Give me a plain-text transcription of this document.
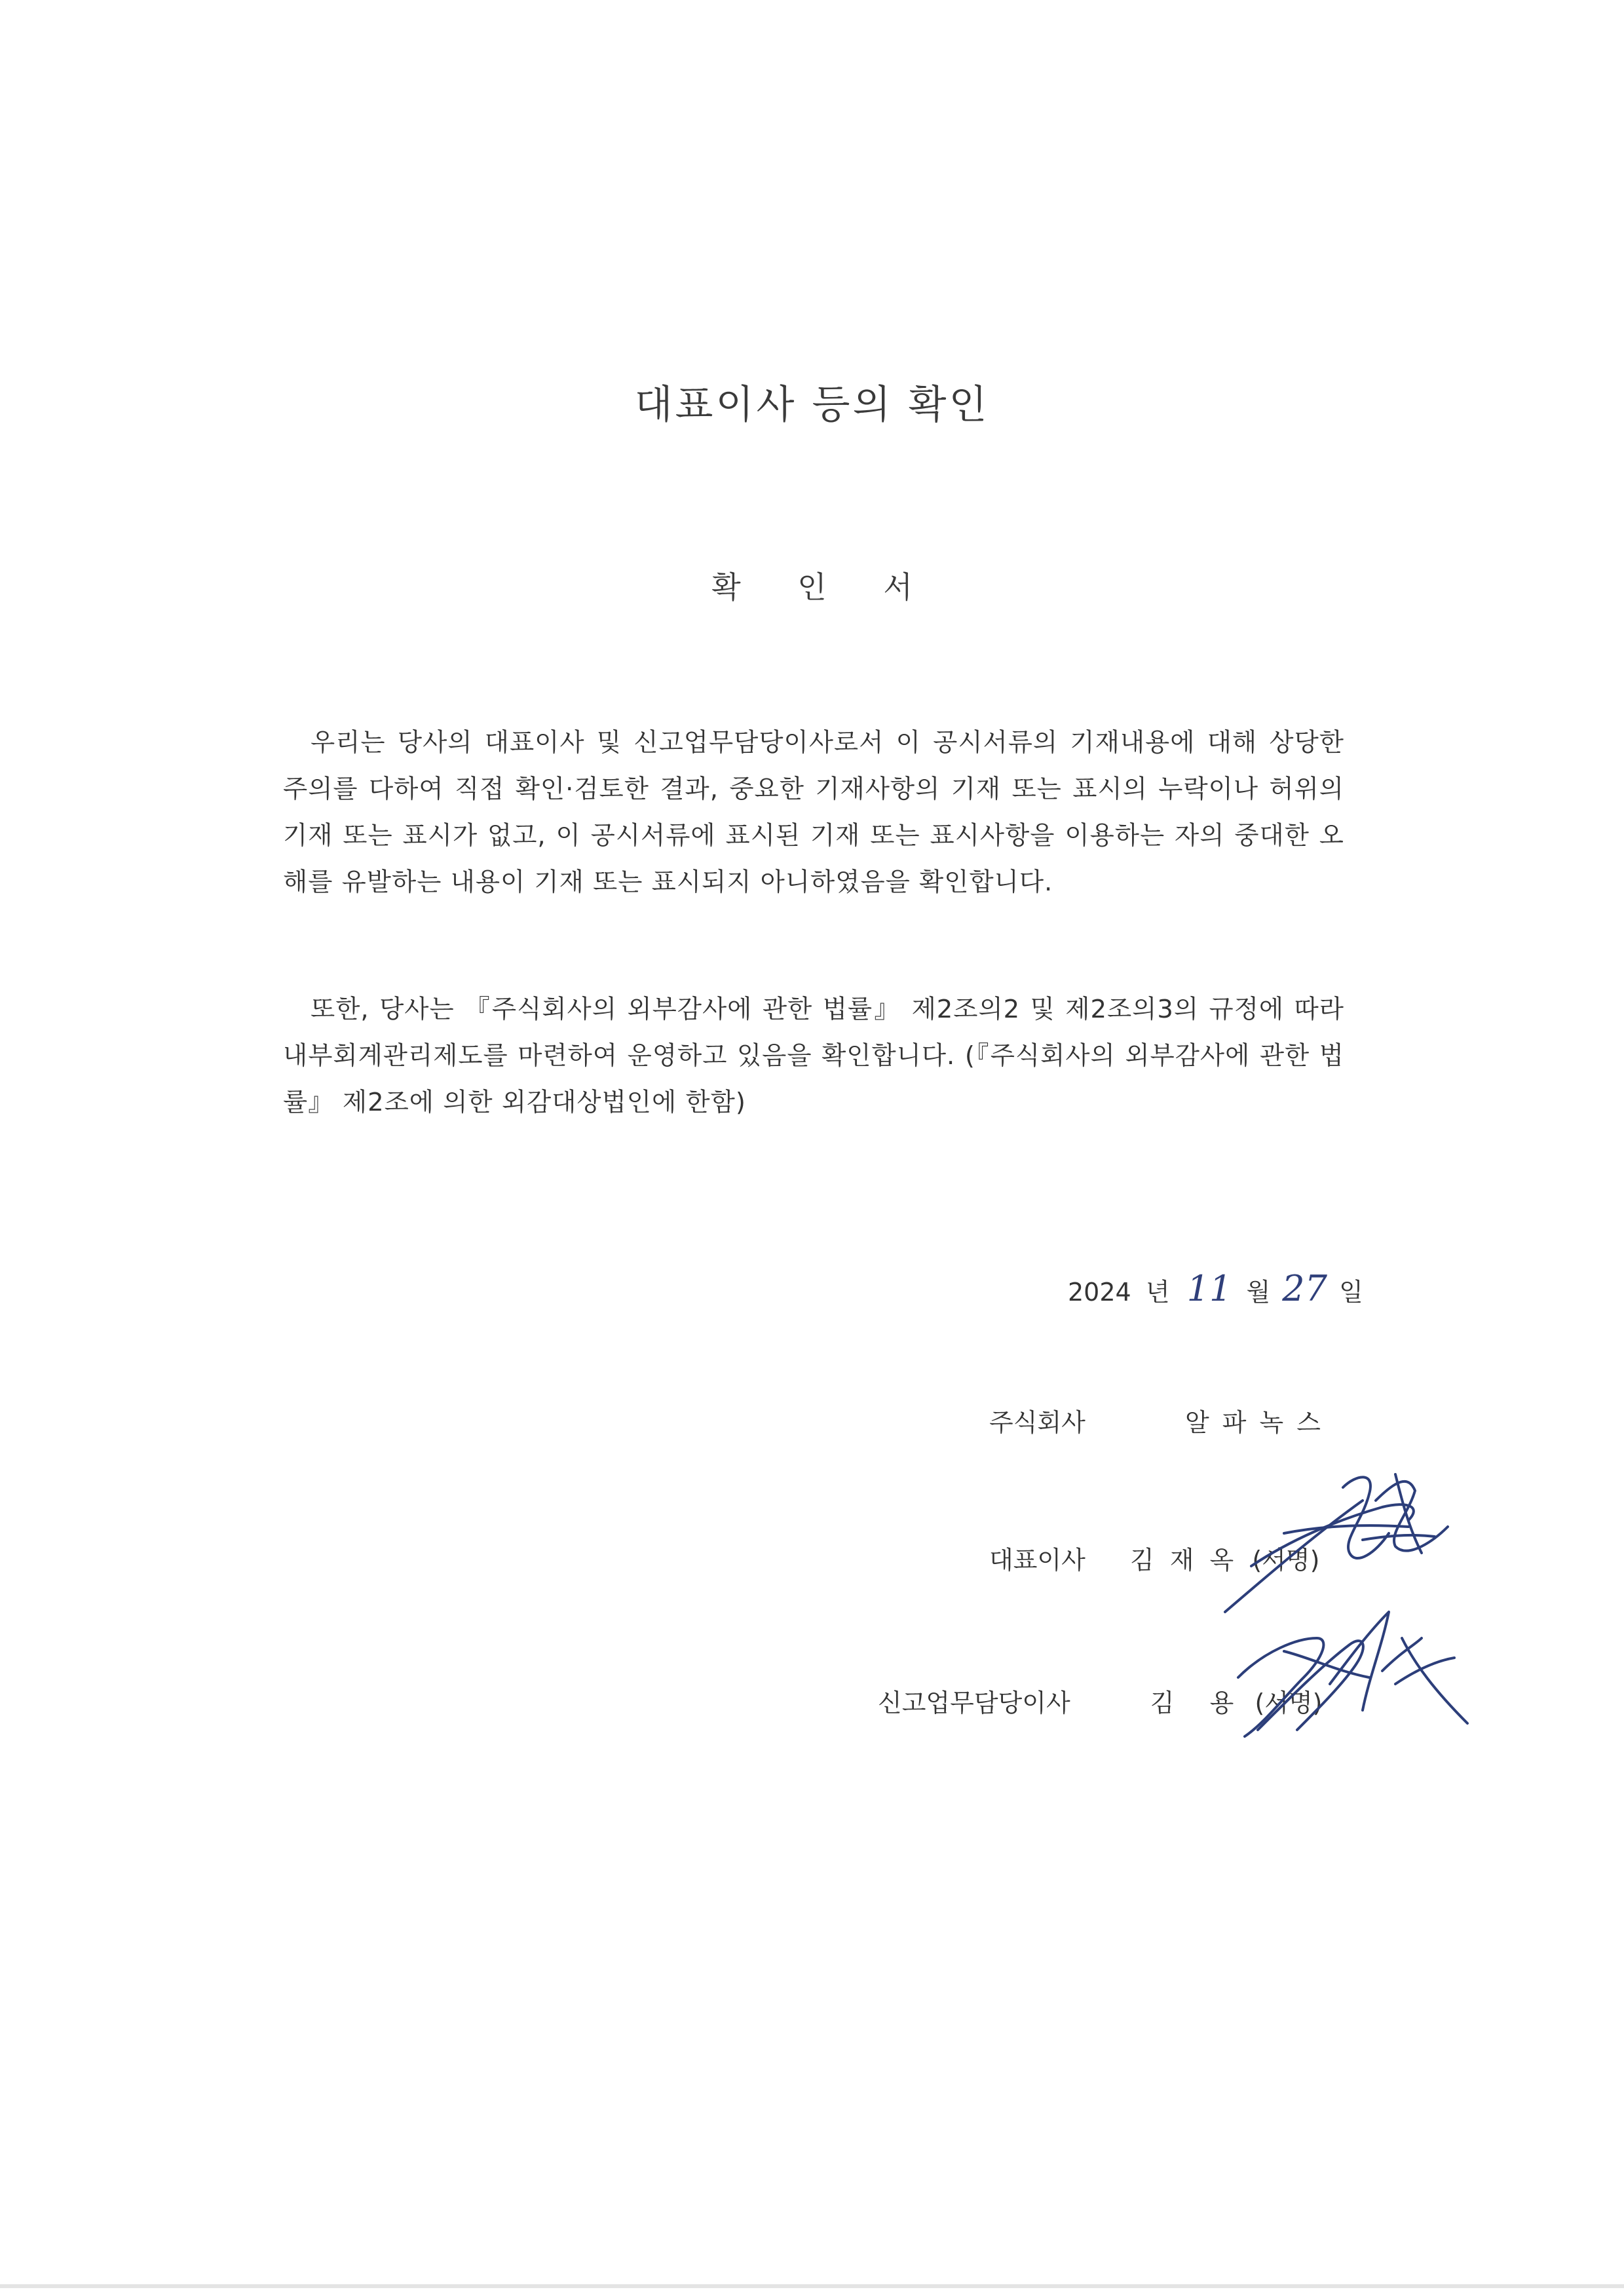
대표이사 등의 확인
확 인 서
우리는 당사의 대표이사 및 신고업무담당이사로서 이 공시서류의 기재내용에 대해 상당한 주의를 다하여 직접 확인·검토한 결과, 중요한 기재사항의 기재 또는 표시의 누락이나 허위의 기재 또는 표시가 없고, 이 공시서류에 표시된 기재 또는 표시사항을 이용하는 자의 중대한 오해를 유발하는 내용이 기재 또는 표시되지 아니하였음을 확인합니다.
또한, 당사는 『주식회사의 외부감사에 관한 법률』 제2조의2 및 제2조의3의 규정에 따라 내부회계관리제도를 마련하여 운영하고 있음을 확인합니다. (『주식회사의 외부감사에 관한 법률』 제2조에 의한 외감대상법인에 한함)
2024 년 11 월 27 일
주식회사	알 파 녹 스
대표이사 김 재 옥 (서명)
신고업무담당이사	김  용 (서명)
